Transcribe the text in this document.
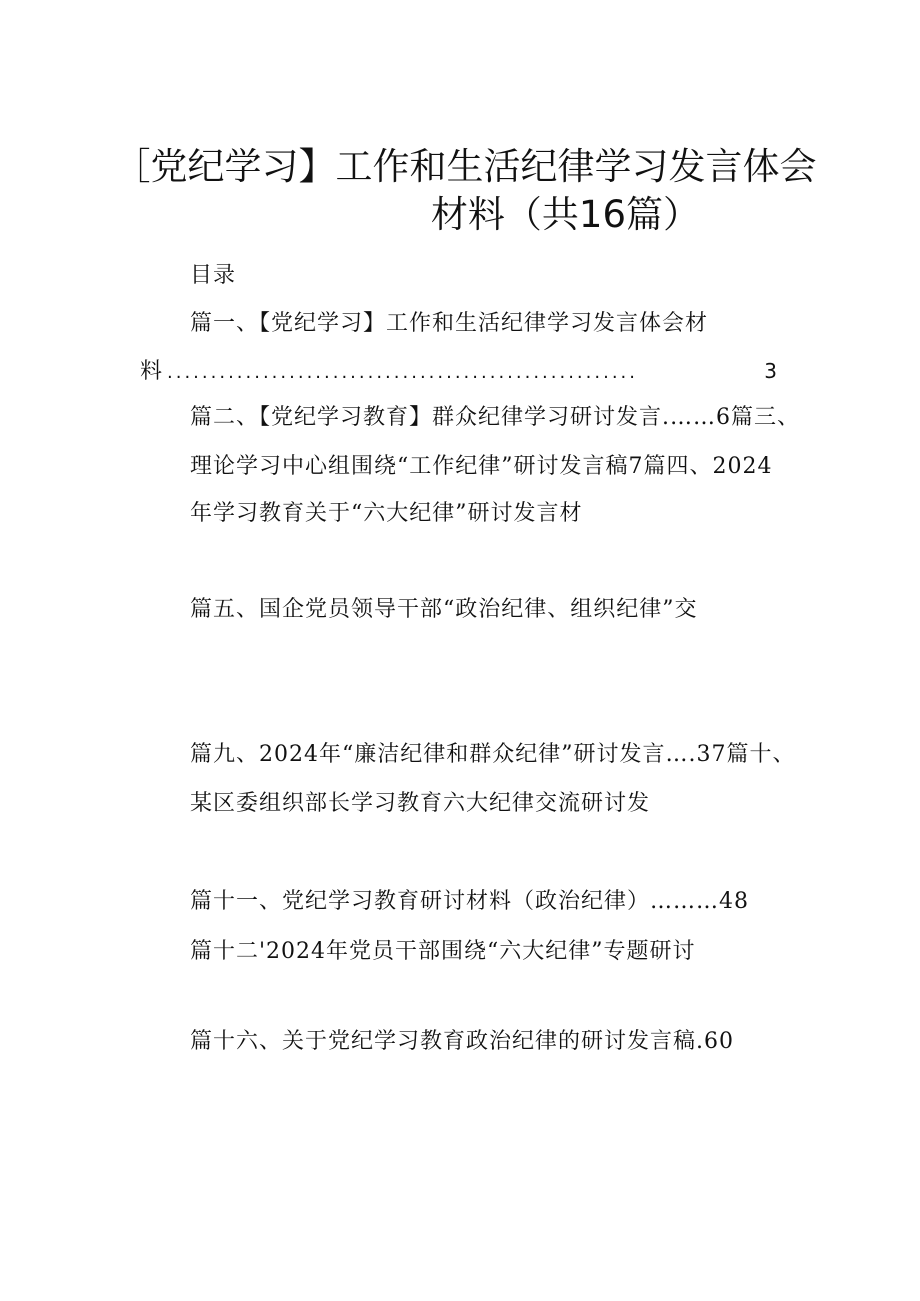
［党纪学习】工作和生活纪律学习发言体会
材料（共16篇）
目录
篇一、【党纪学习】工作和生活纪律学习发言体会材
料 ......................................................	3
篇二、【党纪学习教育】群众纪律学习研讨发言.……6篇三、
理论学习中心组围绕“工作纪律”研讨发言稿7篇四、2024
年学习教育关于“六大纪律”研讨发言材
篇五、国企党员领导干部“政治纪律、组织纪律”交
篇九、2024年“廉洁纪律和群众纪律”研讨发言….37篇十、
某区委组织部长学习教育六大纪律交流研讨发
篇十一、党纪学习教育研讨材料（政治纪律）………48
篇十二'2024年党员干部围绕“六大纪律”专题研讨
篇十六、关于党纪学习教育政治纪律的研讨发言稿.60
